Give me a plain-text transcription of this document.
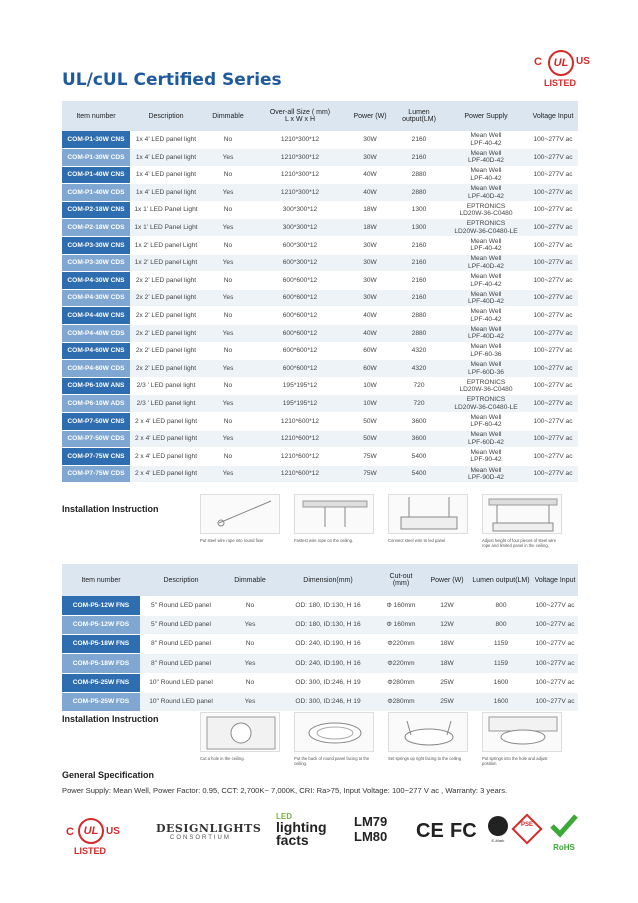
UL/cUL Certified Series
C	UL US
LISTED
Item number	Description	Dimmable	Over-all Size ( mm)
L x W x H	Power (W)	Lumen
output(LM)	Power Supply	Voltage Input
COM-P1-30W CNS	1x 4' LED panel light	No	1210*300*12	30W	2160	Mean Well
LPF-40-42	100~277V ac
COM-P1-30W CDS	1x 4' LED panel light	Yes	1210*300*12	30W	2160	Mean Well
LPF-40D-42	100~277V ac
COM-P1-40W CNS	1x 4' LED panel light	No	1210*300*12	40W	2880	Mean Well
LPF-40-42	100~277V ac
COM-P1-40W CDS	1x 4' LED panel light	Yes	1210*300*12	40W	2880	Mean Well
LPF-40D-42	100~277V ac
COM-P2-18W CNS	1x 1' LED Panel Light	No	300*300*12	18W	1300	EPTRONICS
LD20W-36-C0480	100~277V ac
COM-P2-18W CDS	1x 1' LED Panel Light	Yes	300*300*12	18W	1300	EPTRONICS
LD20W-36-C0480-LE	100~277V ac
COM-P3-30W CNS	1x 2' LED panel Light	No	600*300*12	30W	2160	Mean Well
LPF-40-42	100~277V ac
COM-P3-30W CDS	1x 2' LED panel Light	Yes	600*300*12	30W	2160	Mean Well
LPF-40D-42	100~277V ac
COM-P4-30W CNS	2x 2' LED panel light	No	600*600*12	30W	2160	Mean Well
LPF-40-42	100~277V ac
COM-P4-30W CDS	2x 2' LED panel light	Yes	600*600*12	30W	2160	Mean Well
LPF-40D-42	100~277V ac
COM-P4-40W CNS	2x 2' LED panel light	No	600*600*12	40W	2880	Mean Well
LPF-40-42	100~277V ac
COM-P4-40W CDS	2x 2' LED panel light	Yes	600*600*12	40W	2880	Mean Well
LPF-40D-42	100~277V ac
COM-P4-60W CNS	2x 2' LED panel light	No	600*600*12	60W	4320	Mean Well
LPF-60-36	100~277V ac
COM-P4-60W CDS	2x 2' LED panel light	Yes	600*600*12	60W	4320	Mean Well
LPF-60D-36	100~277V ac
COM-P6-10W ANS	2/3 ' LED panel light	No	195*195*12	10W	720	EPTRONICS
LD20W-36-C0480	100~277V ac
COM-P6-10W ADS	2/3 ' LED panel light	Yes	195*195*12	10W	720	EPTRONICS
LD20W-36-C0480-LE	100~277V ac
COM-P7-50W CNS	2 x 4' LED panel light	No	1210*600*12	50W	3600	Mean Well
LPF-60-42	100~277V ac
COM-P7-50W CDS	2 x 4' LED panel light	Yes	1210*600*12	50W	3600	Mean Well
LPF-60D-42	100~277V ac
COM-P7-75W CNS	2 x 4' LED panel light	No	1210*600*12	75W	5400	Mean Well
LPF-90-42	100~277V ac
COM-P7-75W CDS	2 x 4' LED panel light	Yes	1210*600*12	75W	5400	Mean Well
LPF-90D-42	100~277V ac
Installation Instruction
Put steel wire rope into round fixer	Fastest wire rope on the ceiling.	Connect steel wire to led panel	Adjust height of four pieces of steel wire rope and limited panel in the ceiling.
Item number	Description	Dimmable	Dimension(mm)	Cut-out
(mm)	Power (W)	Lumen output(LM)	Voltage Input
COM-P5-12W FNS	5" Round LED panel	No	OD: 180, ID:130, H 16	Φ 160mm	12W	800	100~277V ac
COM-P5-12W FDS	5" Round LED panel	Yes	OD: 180, ID:130, H 16	Φ 160mm	12W	800	100~277V ac
COM-P5-18W FNS	8" Round LED panel	No	OD: 240, ID:190, H 16	Φ220mm	18W	1159	100~277V ac
COM-P5-18W FDS	8" Round LED panel	Yes	OD: 240, ID:190, H 16	Φ220mm	18W	1159	100~277V ac
COM-P5-25W FNS	10" Round LED panel	No	OD: 300, ID:246, H 19	Φ280mm	25W	1600	100~277V ac
COM-P5-25W FDS	10" Round LED panel	Yes	OD: 300, ID:246, H 19	Φ280mm	25W	1600	100~277V ac
Installation Instruction
Cut a hole in the ceiling.	Put the back of round panel facing to the ceiling.
Set springs up right facing to the ceiling	Put springs into the hole and adjust position
General Specification
Power Supply: Mean Well, Power Factor: 0.95, CCT: 2,700K~ 7,000K, CRI: Ra>75, Input Voltage: 100~277 V ac , Warranty: 3 years.
C UL US
LISTED
DESIGNLIGHTS
CONSORTIUM
LED
lighting
facts
LM79
LM80	CE FC	E-Mark
PSE
RoHS
